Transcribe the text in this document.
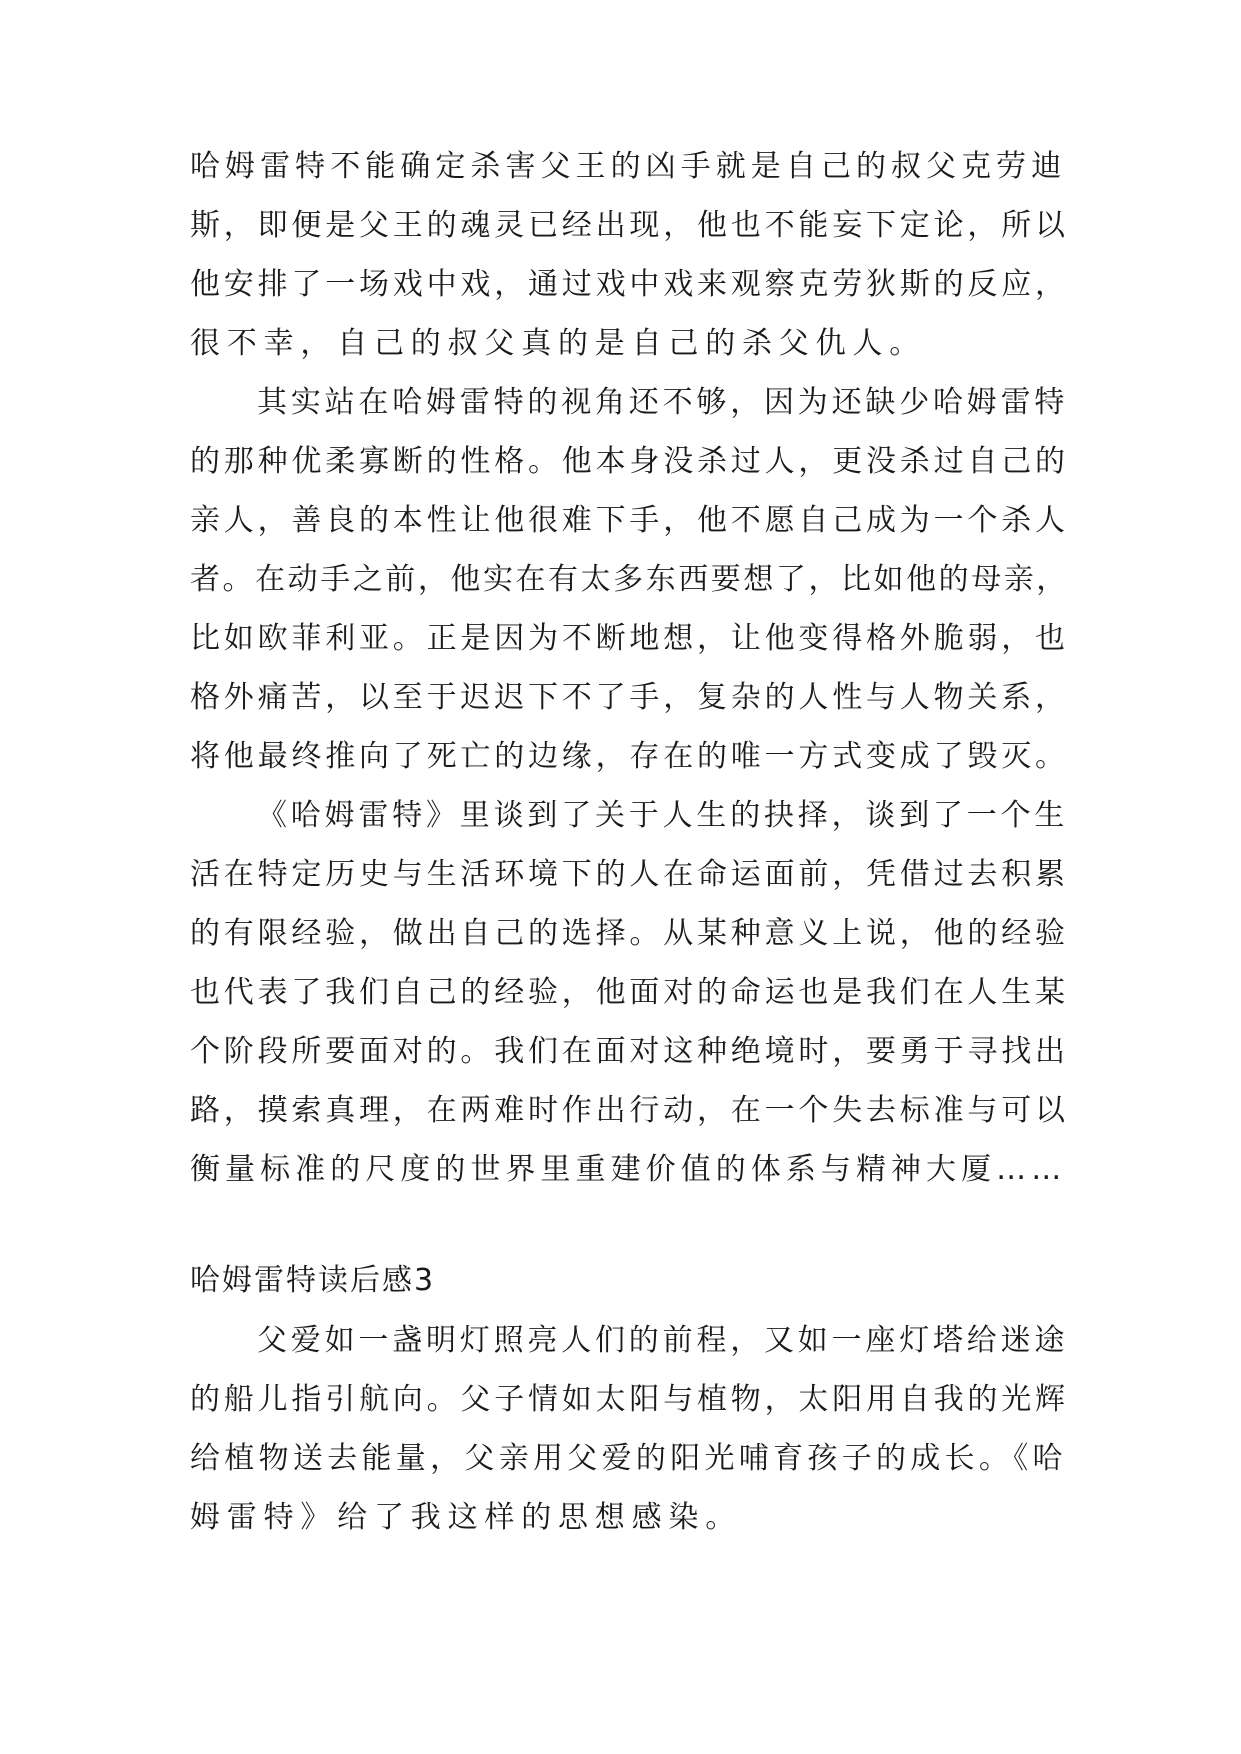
哈姆雷特不能确定杀害父王的凶手就是自己的叔父克劳迪
斯，即便是父王的魂灵已经出现，他也不能妄下定论，所以
他安排了一场戏中戏，通过戏中戏来观察克劳狄斯的反应，
很不幸，自己的叔父真的是自己的杀父仇人。
其实站在哈姆雷特的视角还不够，因为还缺少哈姆雷特
的那种优柔寡断的性格。他本身没杀过人，更没杀过自己的
亲人，善良的本性让他很难下手，他不愿自己成为一个杀人
者。在动手之前，他实在有太多东西要想了，比如他的母亲，
比如欧菲利亚。正是因为不断地想，让他变得格外脆弱，也
格外痛苦，以至于迟迟下不了手，复杂的人性与人物关系，
将他最终推向了死亡的边缘，存在的唯一方式变成了毁灭。
《哈姆雷特》里谈到了关于人生的抉择，谈到了一个生
活在特定历史与生活环境下的人在命运面前，凭借过去积累
的有限经验，做出自己的选择。从某种意义上说，他的经验
也代表了我们自己的经验，他面对的命运也是我们在人生某
个阶段所要面对的。我们在面对这种绝境时，要勇于寻找出
路，摸索真理，在两难时作出行动，在一个失去标准与可以
衡量标准的尺度的世界里重建价值的体系与精神大厦……
哈姆雷特读后感3
父爱如一盏明灯照亮人们的前程，又如一座灯塔给迷途
的船儿指引航向。父子情如太阳与植物，太阳用自我的光辉
给植物送去能量，父亲用父爱的阳光哺育孩子的成长。《哈
姆雷特》给了我这样的思想感染。
